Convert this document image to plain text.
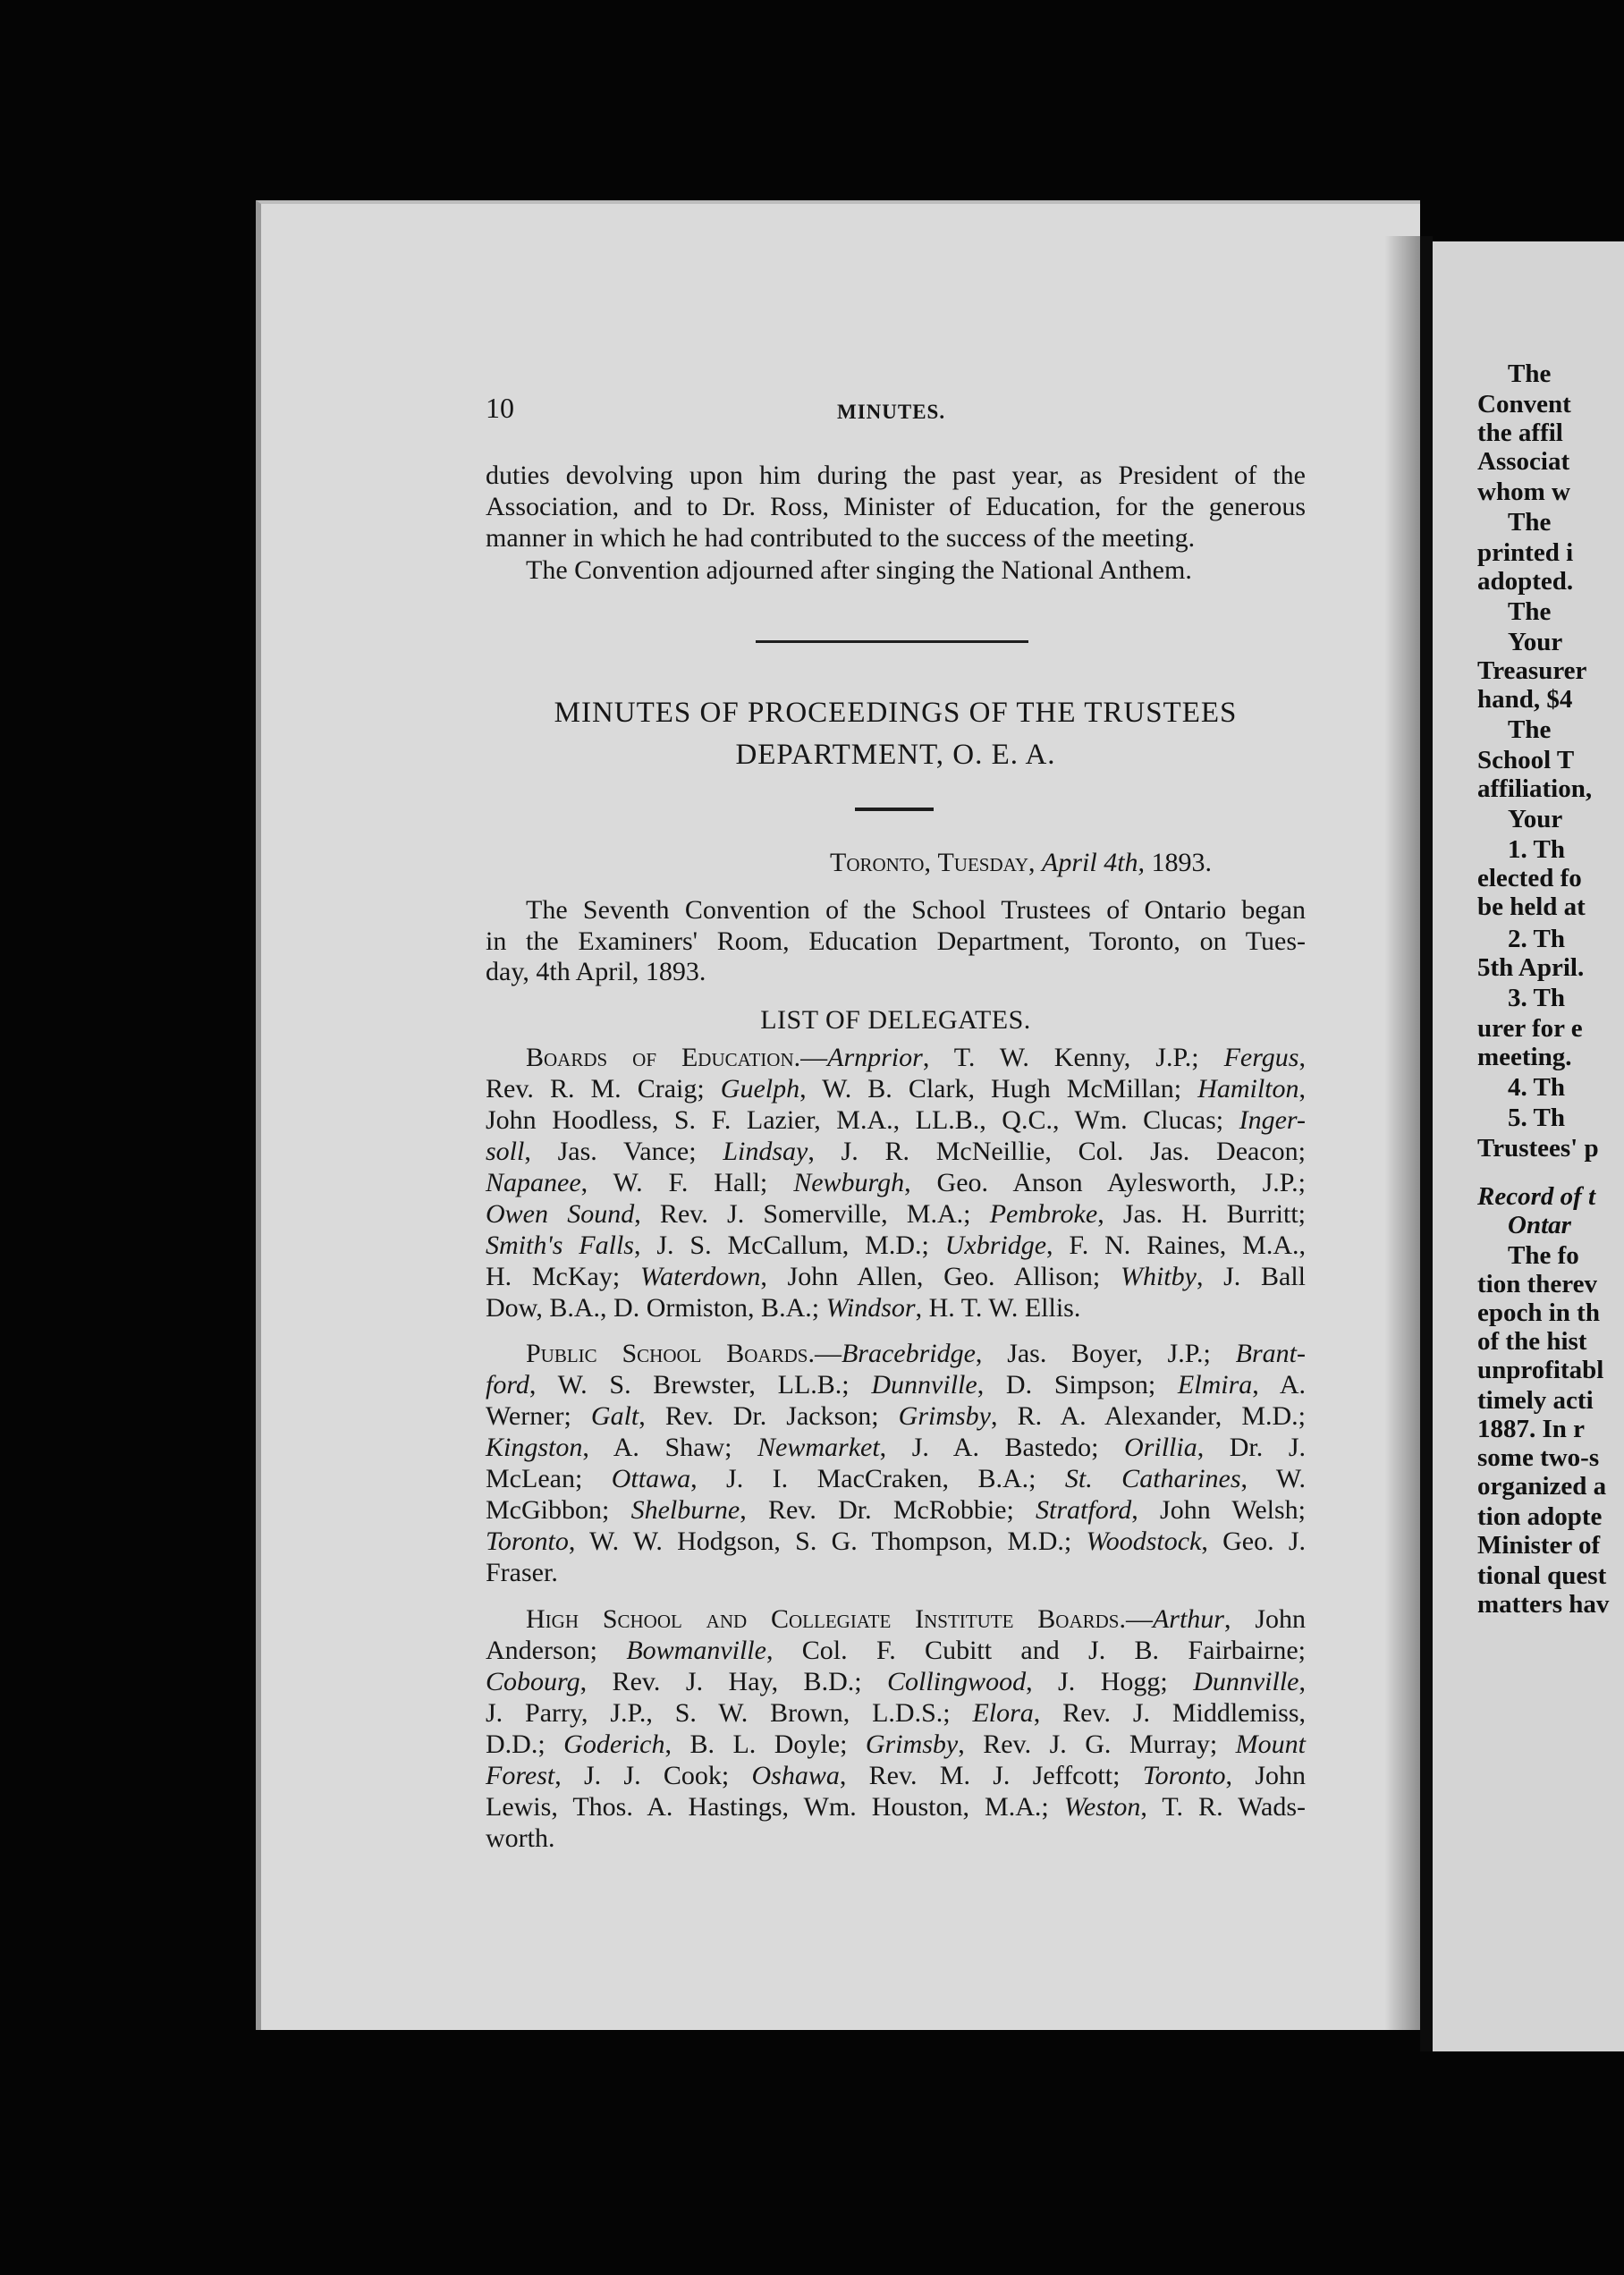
The
Convent
the affil
Associat
whom w
The
printed i
adopted.
The
Your
Treasurer
hand, $4
The
School T
affiliation,
Your
1. Th
elected fo
be held at
2. Th
5th April.
3. Th
urer for e
meeting.
4. Th
5. Th
Trustees' p
Record of t
Ontar
The fo
tion therev
epoch in th
of the hist
unprofitabl
timely acti
1887. In r
some two-s
organized a
tion adopte
Minister of
tional quest
matters hav
10	MINUTES.
duties devolving upon him during the past year, as President of the
Association, and to Dr. Ross, Minister of Education, for the generous
manner in which he had contributed to the success of the meeting.
The Convention adjourned after singing the National Anthem.
MINUTES OF PROCEEDINGS OF THE TRUSTEES
DEPARTMENT, O. E. A.
Toronto, Tuesday, April 4th, 1893.
The Seventh Convention of the School Trustees of Ontario began
in the Examiners' Room, Education Department, Toronto, on Tues-
day, 4th April, 1893.
LIST OF DELEGATES.
Boards of Education.—Arnprior, T. W. Kenny, J.P.; Fergus,
Rev. R. M. Craig; Guelph, W. B. Clark, Hugh McMillan; Hamilton,
John Hoodless, S. F. Lazier, M.A., LL.B., Q.C., Wm. Clucas; Inger-
soll, Jas. Vance; Lindsay, J. R. McNeillie, Col. Jas. Deacon;
Napanee, W. F. Hall; Newburgh, Geo. Anson Aylesworth, J.P.;
Owen Sound, Rev. J. Somerville, M.A.; Pembroke, Jas. H. Burritt;
Smith's Falls, J. S. McCallum, M.D.; Uxbridge, F. N. Raines, M.A.,
H. McKay; Waterdown, John Allen, Geo. Allison; Whitby, J. Ball
Dow, B.A., D. Ormiston, B.A.; Windsor, H. T. W. Ellis.
Public School Boards.—Bracebridge, Jas. Boyer, J.P.; Brant-
ford, W. S. Brewster, LL.B.; Dunnville, D. Simpson; Elmira, A.
Werner; Galt, Rev. Dr. Jackson; Grimsby, R. A. Alexander, M.D.;
Kingston, A. Shaw; Newmarket, J. A. Bastedo; Orillia, Dr. J.
McLean; Ottawa, J. I. MacCraken, B.A.; St. Catharines, W.
McGibbon; Shelburne, Rev. Dr. McRobbie; Stratford, John Welsh;
Toronto, W. W. Hodgson, S. G. Thompson, M.D.; Woodstock, Geo. J.
Fraser.
High School and Collegiate Institute Boards.—Arthur, John
Anderson; Bowmanville, Col. F. Cubitt and J. B. Fairbairne;
Cobourg, Rev. J. Hay, B.D.; Collingwood, J. Hogg; Dunnville,
J. Parry, J.P., S. W. Brown, L.D.S.; Elora, Rev. J. Middlemiss,
D.D.; Goderich, B. L. Doyle; Grimsby, Rev. J. G. Murray; Mount
Forest, J. J. Cook; Oshawa, Rev. M. J. Jeffcott; Toronto, John
Lewis, Thos. A. Hastings, Wm. Houston, M.A.; Weston, T. R. Wads-
worth.
